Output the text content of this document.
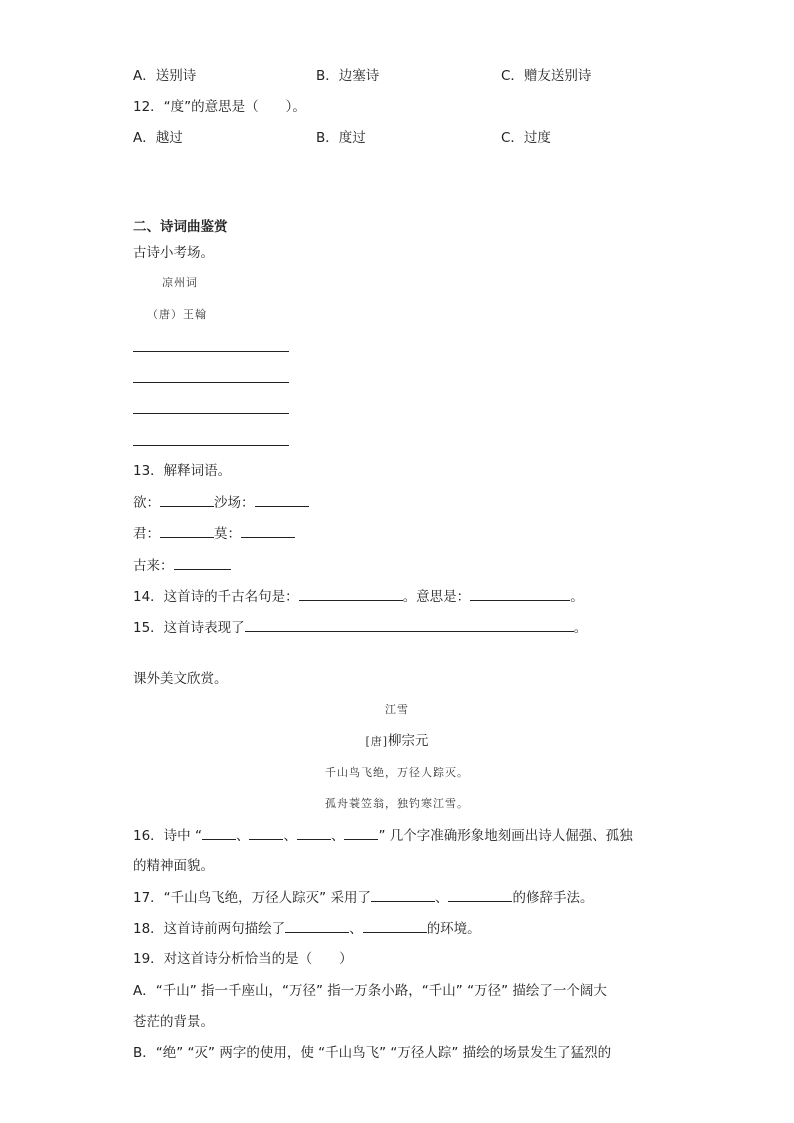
A．送别诗	B．边塞诗	C．赠友送别诗
12．“度”的意思是（　　）。
A．越过	B．度过	C．过度
二、诗词曲鉴赏
古诗小考场。
凉州词
（唐）王翰
13．解释词语。
欲：	沙场：
君：	莫：
古来：
14．这首诗的千古名句是：	。意思是：	。
15．这首诗表现了	。
课外美文欣赏。
江雪
[唐]柳宗元
千山鸟飞绝，万径人踪灭。
孤舟蓑笠翁，独钓寒江雪。
16．诗中 “	、	、	、	” 几个字准确形象地刻画出诗人倔强、孤独
的精神面貌。
17．“千山鸟飞绝，万径人踪灭” 采用了	、	的修辞手法。
18．这首诗前两句描绘了	、	的环境。
19．对这首诗分析恰当的是（　　）
A．“千山” 指一千座山，“万径” 指一万条小路，“千山” “万径” 描绘了一个阔大
苍茫的背景。
B．“绝” “灭” 两字的使用，使 “千山鸟飞” “万径人踪” 描绘的场景发生了猛烈的
